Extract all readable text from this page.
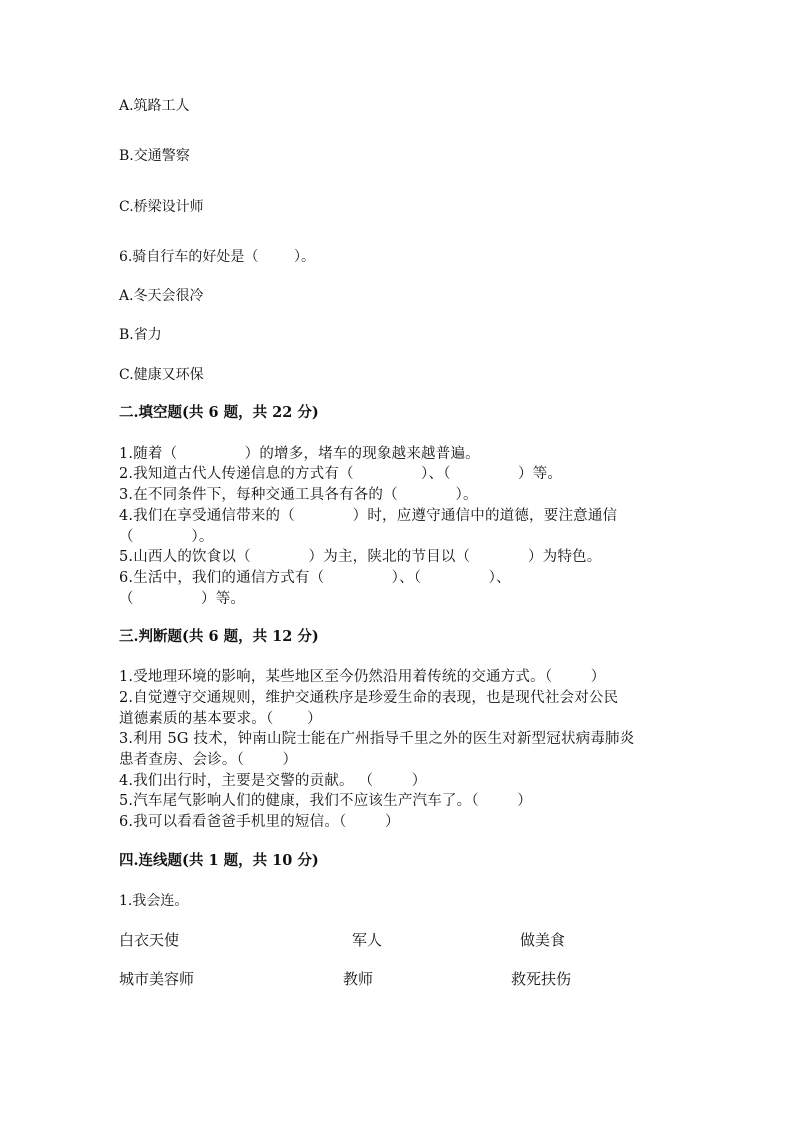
A.筑路工人
B.交通警察
C.桥梁设计师
6.骑自行车的好处是（        ）。
A.冬天会很冷
B.省力
C.健康又环保
二.填空题(共 6 题，共 22 分)
1.随着（              ）的增多，堵车的现象越来越普遍。
2.我知道古代人传递信息的方式有（              ）、（              ）等。
3.在不同条件下，每种交通工具各有各的（            ）。
4.我们在享受通信带来的（            ）时，应遵守通信中的道德，要注意通信
（            ）。
5.山西人的饮食以（            ）为主，陕北的节目以（            ）为特色。
6.生活中，我们的通信方式有（              ）、（              ）、
（              ）等。
三.判断题(共 6 题，共 12 分)
1.受地理环境的影响，某些地区至今仍然沿用着传统的交通方式。（        ）
2.自觉遵守交通规则，维护交通秩序是珍爱生命的表现，也是现代社会对公民
道德素质的基本要求。（       ）
3.利用 5G 技术，钟南山院士能在广州指导千里之外的医生对新型冠状病毒肺炎
患者查房、会诊。（        ）
4.我们出行时，主要是交警的贡献。 （        ）
5.汽车尾气影响人们的健康，我们不应该生产汽车了。（        ）
6.我可以看看爸爸手机里的短信。（        ）
四.连线题(共 1 题，共 10 分)
1.我会连。
白衣天使	军人	做美食
城市美容师	教师	救死扶伤
